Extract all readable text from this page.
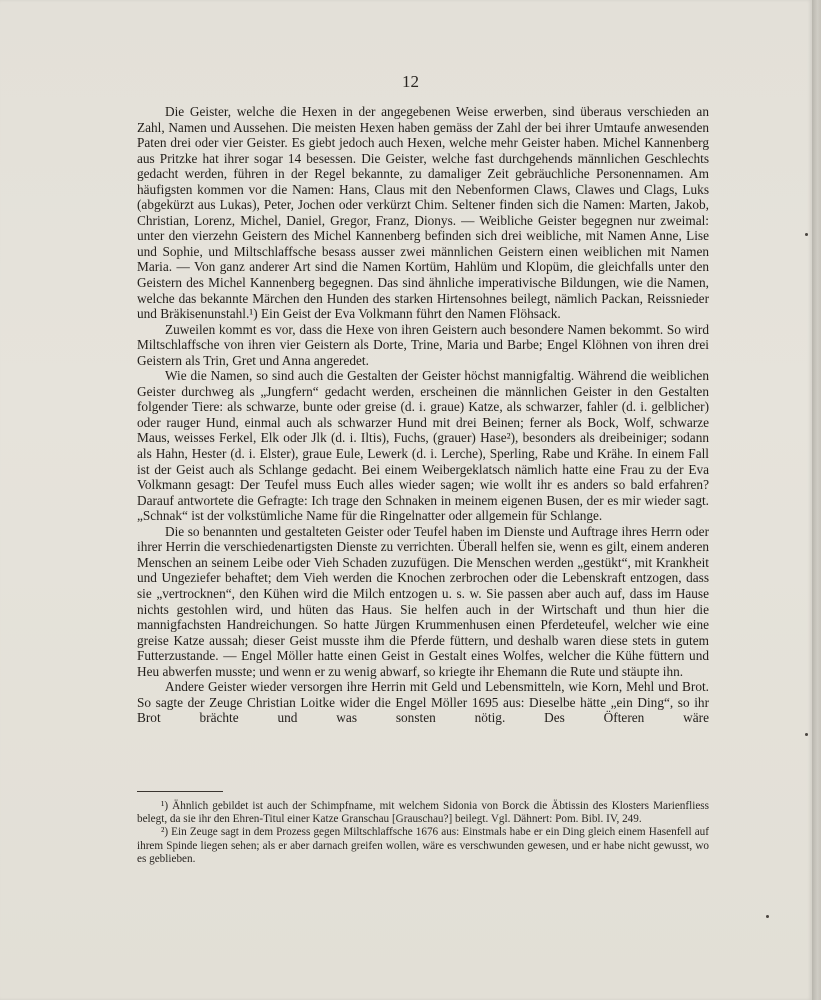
12

Die Geister, welche die Hexen in der angegebenen Weise erwerben, sind überaus verschieden an Zahl, Namen und Aussehen. Die meisten Hexen haben gemäss der Zahl der bei ihrer Umtaufe anwesenden Paten drei oder vier Geister. Es giebt jedoch auch Hexen, welche mehr Geister haben. Michel Kannenberg aus Pritzke hat ihrer sogar 14 besessen. Die Geister, welche fast durchgehends männlichen Geschlechts gedacht werden, führen in der Regel bekannte, zu damaliger Zeit gebräuchliche Personennamen. Am häufigsten kommen vor die Namen: Hans, Claus mit den Nebenformen Claws, Clawes und Clags, Luks (abgekürzt aus Lukas), Peter, Jochen oder verkürzt Chim. Seltener finden sich die Namen: Marten, Jakob, Christian, Lorenz, Michel, Daniel, Gregor, Franz, Dionys. — Weibliche Geister begegnen nur zweimal: unter den vierzehn Geistern des Michel Kannenberg befinden sich drei weibliche, mit Namen Anne, Lise und Sophie, und Miltschlaffsche besass ausser zwei männlichen Geistern einen weiblichen mit Namen Maria. — Von ganz anderer Art sind die Namen Kortüm, Hahlüm und Klopüm, die gleichfalls unter den Geistern des Michel Kannenberg begegnen. Das sind ähnliche imperativische Bildungen, wie die Namen, welche das bekannte Märchen den Hunden des starken Hirtensohnes beilegt, nämlich Packan, Reissnieder und Bräkisenunstahl.¹) Ein Geist der Eva Volkmann führt den Namen Flöhsack.

Zuweilen kommt es vor, dass die Hexe von ihren Geistern auch besondere Namen bekommt. So wird Miltschlaffsche von ihren vier Geistern als Dorte, Trine, Maria und Barbe; Engel Klöhnen von ihren drei Geistern als Trin, Gret und Anna angeredet.

Wie die Namen, so sind auch die Gestalten der Geister höchst mannigfaltig. Während die weiblichen Geister durchweg als „Jungfern“ gedacht werden, erscheinen die männlichen Geister in den Gestalten folgender Tiere: als schwarze, bunte oder greise (d. i. graue) Katze, als schwarzer, fahler (d. i. gelblicher) oder rauger Hund, einmal auch als schwarzer Hund mit drei Beinen; ferner als Bock, Wolf, schwarze Maus, weisses Ferkel, Elk oder Jlk (d. i. Iltis), Fuchs, (grauer) Hase²), besonders als dreibeiniger; sodann als Hahn, Hester (d. i. Elster), graue Eule, Lewerk (d. i. Lerche), Sperling, Rabe und Krähe. In einem Fall ist der Geist auch als Schlange gedacht. Bei einem Weibergeklatsch nämlich hatte eine Frau zu der Eva Volkmann gesagt: Der Teufel muss Euch alles wieder sagen; wie wollt ihr es anders so bald erfahren? Darauf antwortete die Gefragte: Ich trage den Schnaken in meinem eigenen Busen, der es mir wieder sagt. „Schnak“ ist der volkstümliche Name für die Ringelnatter oder allgemein für Schlange.

Die so benannten und gestalteten Geister oder Teufel haben im Dienste und Auftrage ihres Herrn oder ihrer Herrin die verschiedenartigsten Dienste zu verrichten. Überall helfen sie, wenn es gilt, einem anderen Menschen an seinem Leibe oder Vieh Schaden zuzufügen. Die Menschen werden „gestükt“, mit Krankheit und Ungeziefer behaftet; dem Vieh werden die Knochen zerbrochen oder die Lebenskraft entzogen, dass sie „vertrocknen“, den Kühen wird die Milch entzogen u. s. w. Sie passen aber auch auf, dass im Hause nichts gestohlen wird, und hüten das Haus. Sie helfen auch in der Wirtschaft und thun hier die mannigfachsten Handreichungen. So hatte Jürgen Krummenhusen einen Pferdeteufel, welcher wie eine greise Katze aussah; dieser Geist musste ihm die Pferde füttern, und deshalb waren diese stets in gutem Futterzustande. — Engel Möller hatte einen Geist in Gestalt eines Wolfes, welcher die Kühe füttern und Heu abwerfen musste; und wenn er zu wenig abwarf, so kriegte ihr Ehemann die Rute und stäupte ihn.

Andere Geister wieder versorgen ihre Herrin mit Geld und Lebensmitteln, wie Korn, Mehl und Brot. So sagte der Zeuge Christian Loitke wider die Engel Möller 1695 aus: Dieselbe hätte „ein Ding“, so ihr Brot brächte und was sonsten nötig. Des Öfteren wäre

¹) Ähnlich gebildet ist auch der Schimpfname, mit welchem Sidonia von Borck die Äbtissin des Klosters Marienfliess belegt, da sie ihr den Ehren-Titul einer Katze Granschau [Grauschau?] beilegt. Vgl. Dähnert: Pom. Bibl. IV, 249.

²) Ein Zeuge sagt in dem Prozess gegen Miltschlaffsche 1676 aus: Einstmals habe er ein Ding gleich einem Hasenfell auf ihrem Spinde liegen sehen; als er aber darnach greifen wollen, wäre es verschwunden gewesen, und er habe nicht gewusst, wo es geblieben.
